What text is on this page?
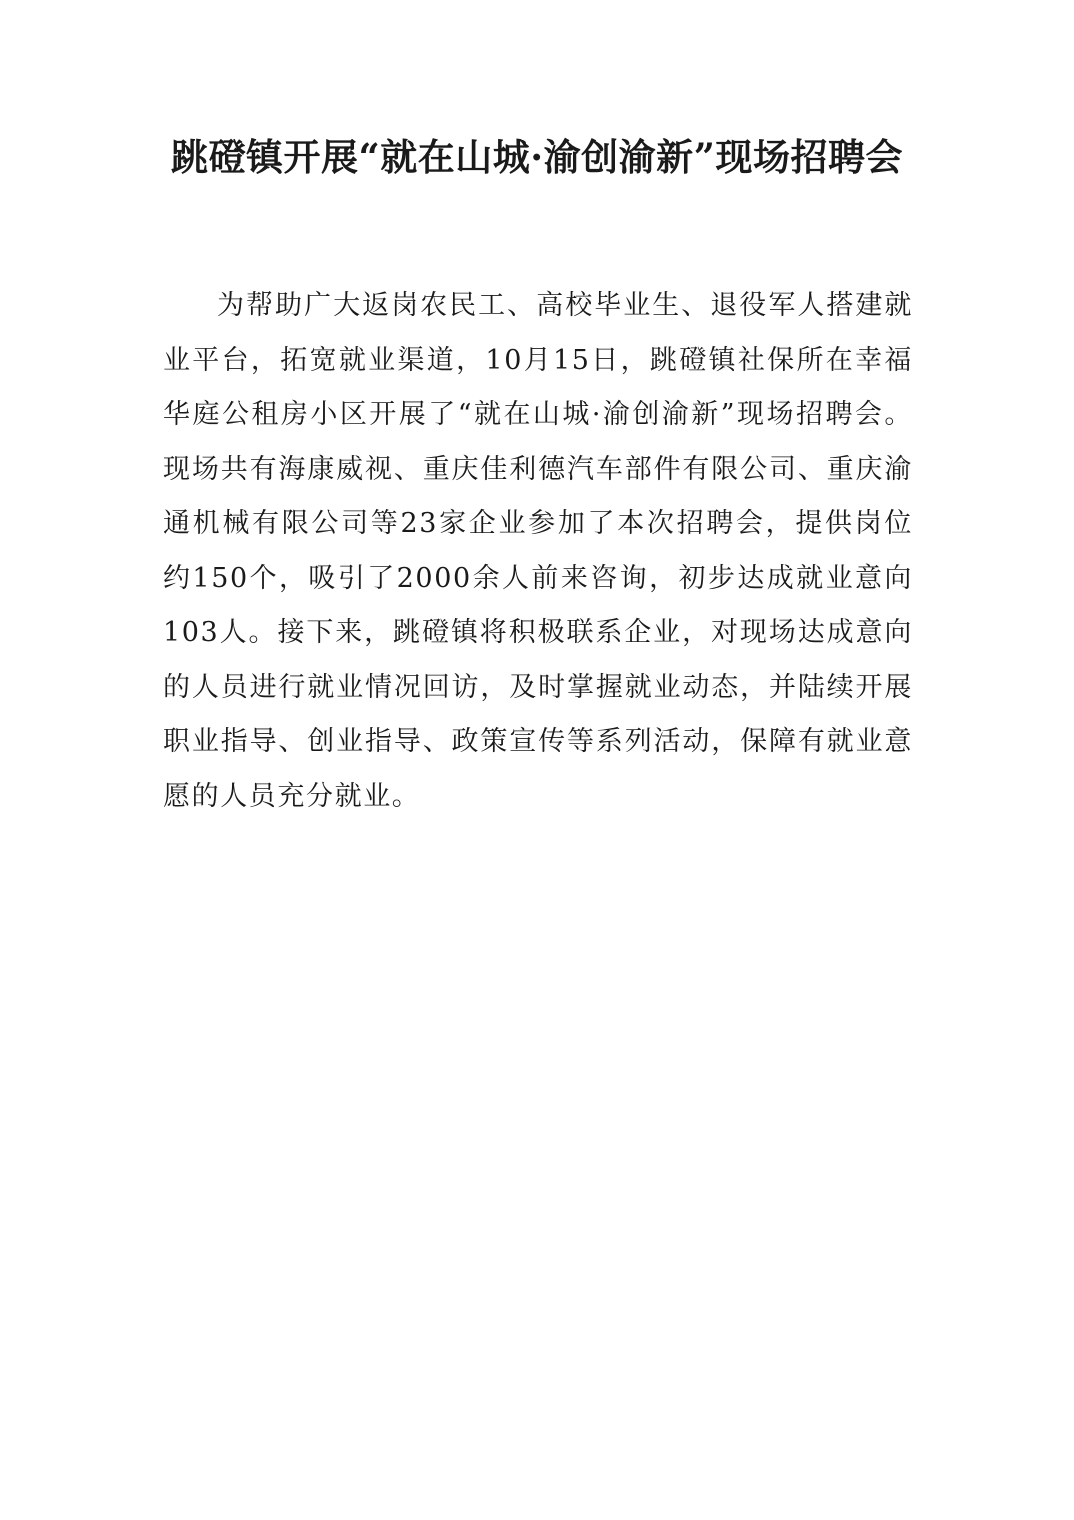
跳磴镇开展“就在山城·渝创渝新”现场招聘会

为帮助广大返岗农民工、高校毕业生、退役军人搭建就业平台，拓宽就业渠道，10月15日，跳磴镇社保所在幸福华庭公租房小区开展了“就在山城·渝创渝新”现场招聘会。现场共有海康威视、重庆佳利德汽车部件有限公司、重庆渝通机械有限公司等23家企业参加了本次招聘会，提供岗位约150个，吸引了2000余人前来咨询，初步达成就业意向103人。接下来，跳磴镇将积极联系企业，对现场达成意向的人员进行就业情况回访，及时掌握就业动态，并陆续开展职业指导、创业指导、政策宣传等系列活动，保障有就业意愿的人员充分就业。
